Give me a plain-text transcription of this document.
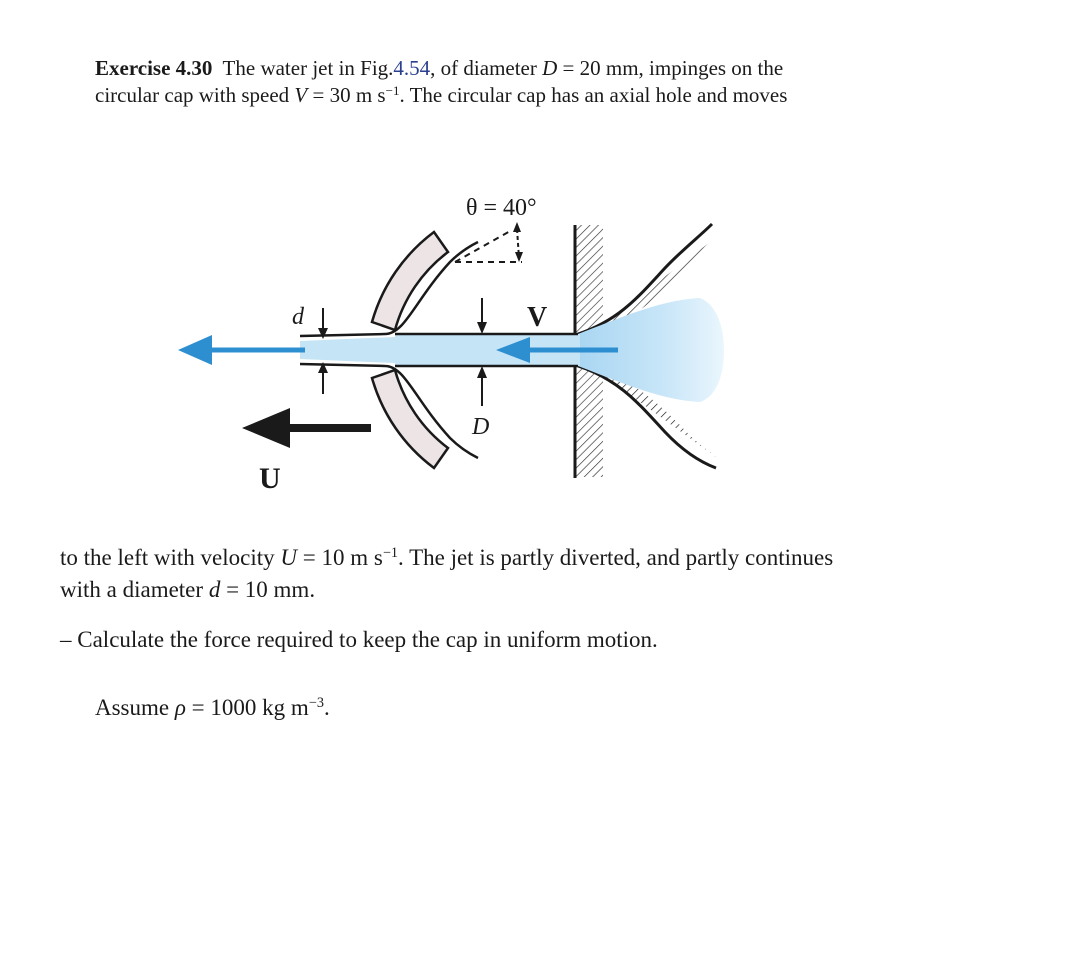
Exercise 4.30 The water jet in Fig.4.54, of diameter D = 20 mm, impinges on the
circular cap with speed V = 30 m $s^{-1}$. The circular cap has an axial hole and moves
θ = 40°
D
V
d
U
to the left with velocity U = 10 m $s^{-1}$. The jet is partly diverted, and partly continues
with a diameter d = 10 mm.
– Calculate the force required to keep the cap in uniform motion.
Assume ρ = 1000 kg $m^{-3}$.
